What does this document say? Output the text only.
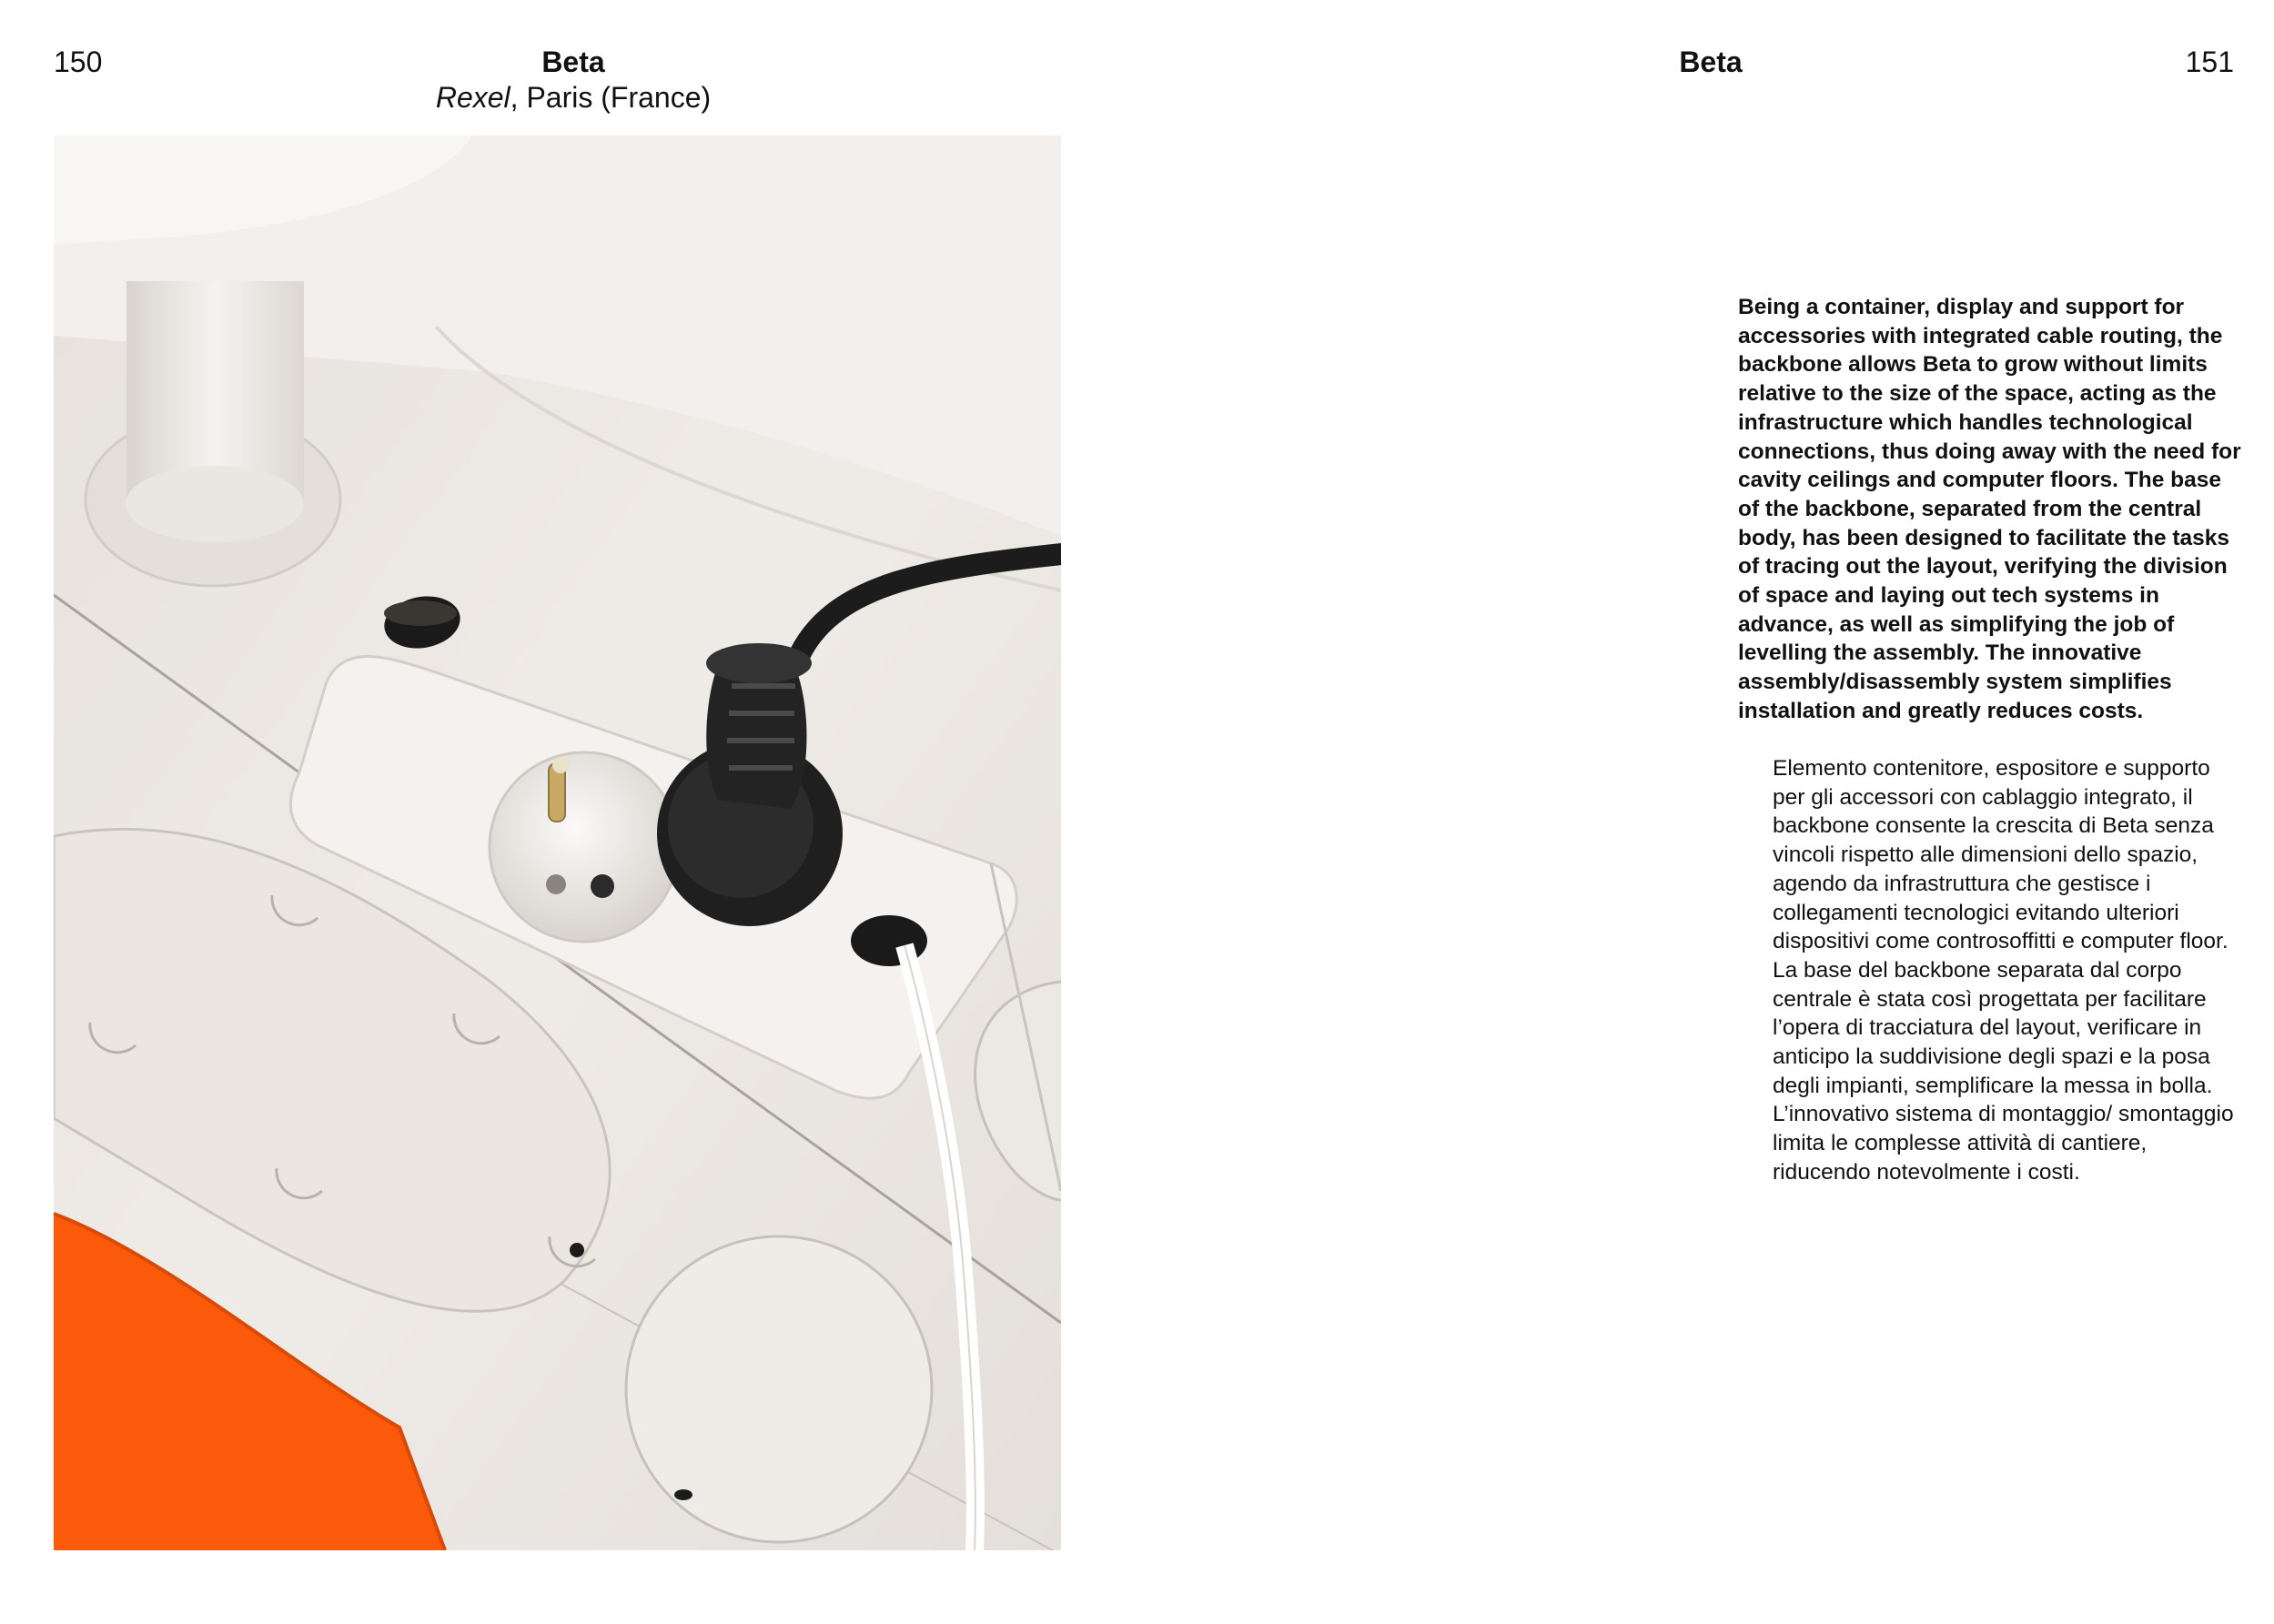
150	Beta
Rexel, Paris (France)
Beta	151

Being a container, display and support for accessories with integrated cable routing, the backbone allows Beta to grow without limits relative to the size of the space, acting as the infrastructure which handles technological connections, thus doing away with the need for cavity ceilings and computer floors. The base of the backbone, separated from the central body, has been designed to facilitate the tasks of tracing out the layout, verifying the division of space and laying out tech systems in advance, as well as simplifying the job of levelling the assembly. The innovative assembly/disassembly system simplifies installation and greatly reduces costs.

Elemento contenitore, espositore e supporto per gli accessori con cablaggio integrato, il backbone consente la crescita di Beta senza vincoli rispetto alle dimensioni dello spazio, agendo da infrastruttura che gestisce i collegamenti tecnologici evitando ulteriori dispositivi come controsoffitti e computer floor. La base del backbone separata dal corpo centrale è stata così progettata per facilitare l’opera di tracciatura del layout, verificare in anticipo la suddivisione degli spazi e la posa degli impianti, semplificare la messa in bolla. L’innovativo sistema di montaggio/ smontaggio limita le complesse attività di cantiere, riducendo notevolmente i costi.
